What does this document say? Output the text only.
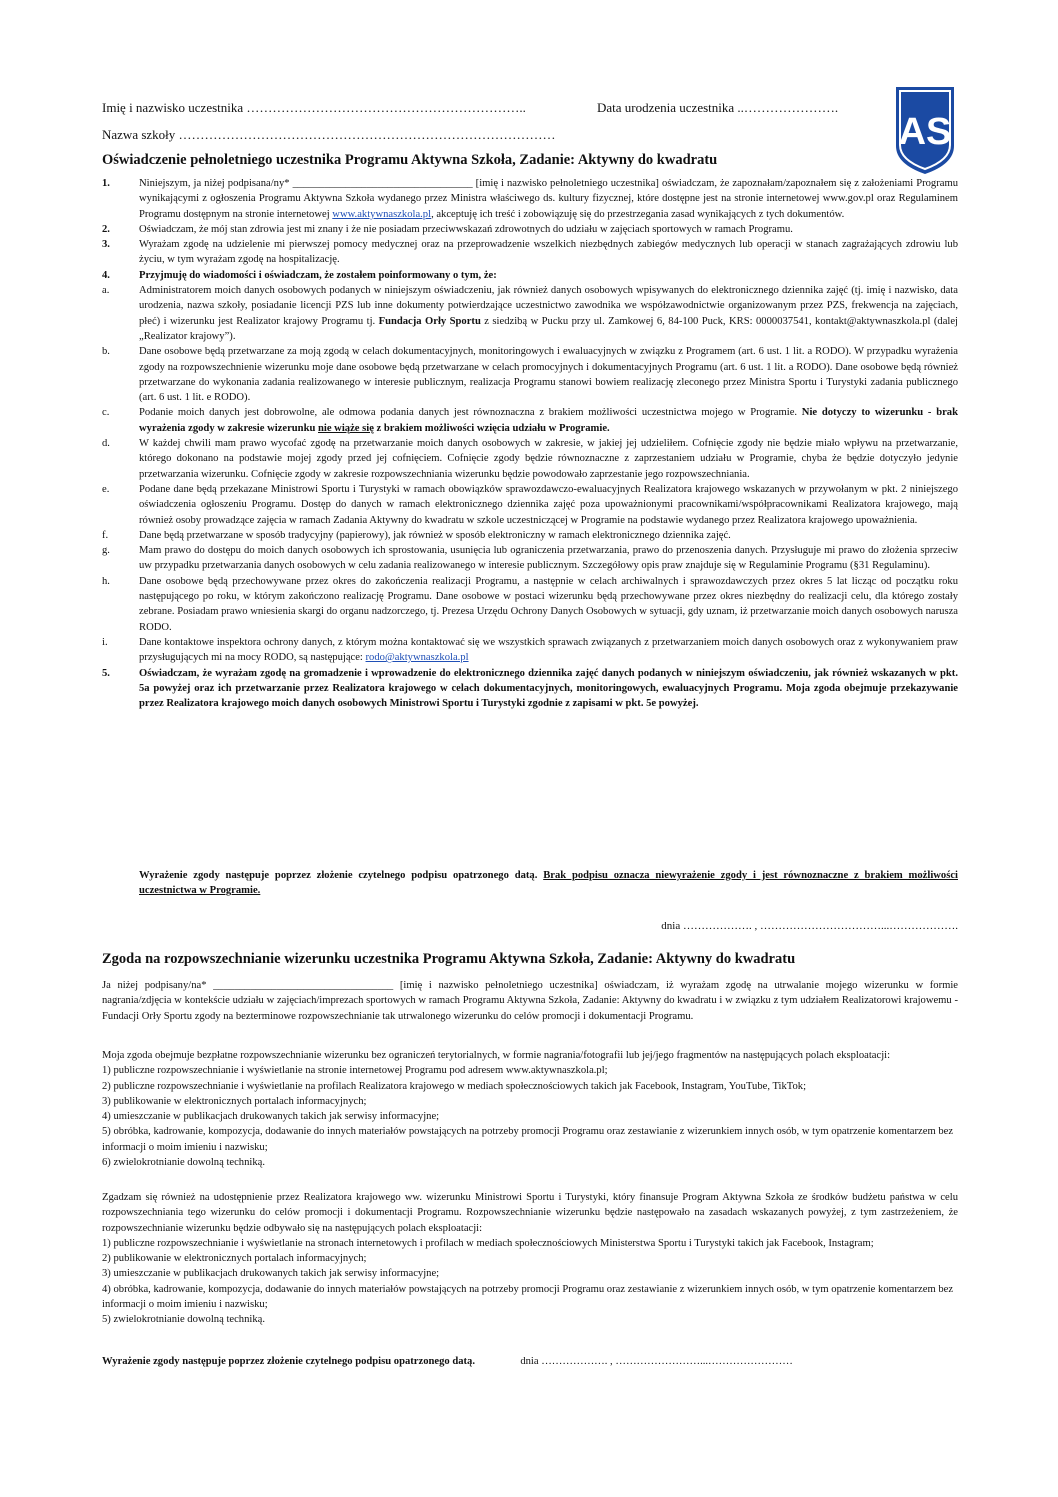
Imię i nazwisko uczestnika ………………………………………………………..	Data urodzenia uczestnika ..………………….
Nazwa szkoły ……………………………………………………………………………	AS
Oświadczenie pełnoletniego uczestnika Programu Aktywna Szkoła, Zadanie: Aktywny do kwadratu
1.	Niniejszym, ja niżej podpisana/ny* __________________________________ [imię i nazwisko pełnoletniego uczestnika] oświadczam, że zapoznałam/zapoznałem się z założeniami Programu wynikającymi z ogłoszenia Programu Aktywna Szkoła wydanego przez Ministra właściwego ds. kultury fizycznej, które dostępne jest na stronie internetowej www.gov.pl oraz Regulaminem Programu dostępnym na stronie internetowej www.aktywnaszkola.pl, akceptuję ich treść i zobowiązuję się do przestrzegania zasad wynikających z tych dokumentów.
2.	Oświadczam, że mój stan zdrowia jest mi znany i że nie posiadam przeciwwskazań zdrowotnych do udziału w zajęciach sportowych w ramach Programu.
3.	Wyrażam zgodę na udzielenie mi pierwszej pomocy medycznej oraz na przeprowadzenie wszelkich niezbędnych zabiegów medycznych lub operacji w stanach zagrażających zdrowiu lub życiu, w tym wyrażam zgodę na hospitalizację.
4.	Przyjmuję do wiadomości i oświadczam, że zostałem poinformowany o tym, że:
a.	Administratorem moich danych osobowych podanych w niniejszym oświadczeniu, jak również danych osobowych wpisywanych do elektronicznego dziennika zajęć (tj. imię i nazwisko, data urodzenia, nazwa szkoły, posiadanie licencji PZS lub inne dokumenty potwierdzające uczestnictwo zawodnika we współzawodnictwie organizowanym przez PZS, frekwencja na zajęciach, płeć) i wizerunku jest Realizator krajowy Programu tj. Fundacja Orły Sportu z siedzibą w Pucku przy ul. Zamkowej 6, 84-100 Puck, KRS: 0000037541, kontakt@aktywnaszkola.pl (dalej „Realizator krajowy”).
b.	Dane osobowe będą przetwarzane za moją zgodą w celach dokumentacyjnych, monitoringowych i ewaluacyjnych w związku z Programem (art. 6 ust. 1 lit. a RODO). W przypadku wyrażenia zgody na rozpowszechnienie wizerunku moje dane osobowe będą przetwarzane w celach promocyjnych i dokumentacyjnych Programu (art. 6 ust. 1 lit. a RODO). Dane osobowe będą również przetwarzane do wykonania zadania realizowanego w interesie publicznym, realizacja Programu stanowi bowiem realizację zleconego przez Ministra Sportu i Turystyki zadania publicznego (art. 6 ust. 1 lit. e RODO).
c.	Podanie moich danych jest dobrowolne, ale odmowa podania danych jest równoznaczna z brakiem możliwości uczestnictwa mojego w Programie. Nie dotyczy to wizerunku - brak wyrażenia zgody w zakresie wizerunku nie wiąże się z brakiem możliwości wzięcia udziału w Programie.
d.	W każdej chwili mam prawo wycofać zgodę na przetwarzanie moich danych osobowych w zakresie, w jakiej jej udzieliłem. Cofnięcie zgody nie będzie miało wpływu na przetwarzanie, którego dokonano na podstawie mojej zgody przed jej cofnięciem. Cofnięcie zgody będzie równoznaczne z zaprzestaniem udziału w Programie, chyba że będzie dotyczyło jedynie przetwarzania wizerunku. Cofnięcie zgody w zakresie rozpowszechniania wizerunku będzie powodowało zaprzestanie jego rozpowszechniania.
e.	Podane dane będą przekazane Ministrowi Sportu i Turystyki w ramach obowiązków sprawozdawczo-ewaluacyjnych Realizatora krajowego wskazanych w przywołanym w pkt. 2 niniejszego oświadczenia ogłoszeniu Programu. Dostęp do danych w ramach elektronicznego dziennika zajęć poza upoważnionymi pracownikami/współpracownikami Realizatora krajowego, mają również osoby prowadzące zajęcia w ramach Zadania Aktywny do kwadratu w szkole uczestniczącej w Programie na podstawie wydanego przez Realizatora krajowego upoważnienia.
f.	Dane będą przetwarzane w sposób tradycyjny (papierowy), jak również w sposób elektroniczny w ramach elektronicznego dziennika zajęć.
g.	Mam prawo do dostępu do moich danych osobowych ich sprostowania, usunięcia lub ograniczenia przetwarzania, prawo do przenoszenia danych. Przysługuje mi prawo do złożenia sprzeciw uw przypadku przetwarzania danych osobowych w celu zadania realizowanego w interesie publicznym. Szczegółowy opis praw znajduje się w Regulaminie Programu (§31 Regulaminu).
h.	Dane osobowe będą przechowywane przez okres do zakończenia realizacji Programu, a następnie w celach archiwalnych i sprawozdawczych przez okres 5 lat licząc od początku roku następującego po roku, w którym zakończono realizację Programu. Dane osobowe w postaci wizerunku będą przechowywane przez okres niezbędny do realizacji celu, dla którego zostały zebrane. Posiadam prawo wniesienia skargi do organu nadzorczego, tj. Prezesa Urzędu Ochrony Danych Osobowych w sytuacji, gdy uznam, iż przetwarzanie moich danych osobowych narusza RODO.
i.	Dane kontaktowe inspektora ochrony danych, z którym można kontaktować się we wszystkich sprawach związanych z przetwarzaniem moich danych osobowych oraz z wykonywaniem praw przysługujących mi na mocy RODO, są następujące: rodo@aktywnaszkola.pl
5.	Oświadczam, że wyrażam zgodę na gromadzenie i wprowadzenie do elektronicznego dziennika zajęć danych podanych w niniejszym oświadczeniu, jak również wskazanych w pkt. 5a powyżej oraz ich przetwarzanie przez Realizatora krajowego w celach dokumentacyjnych, monitoringowych, ewaluacyjnych Programu. Moja zgoda obejmuje przekazywanie przez Realizatora krajowego moich danych osobowych Ministrowi Sportu i Turystyki zgodnie z zapisami w pkt. 5e powyżej.
Wyrażenie zgody następuje poprzez złożenie czytelnego podpisu opatrzonego datą. Brak podpisu oznacza niewyrażenie zgody i jest równoznaczne z brakiem możliwości uczestnictwa w Programie.
dnia ………………. , ……………………………...……………….
Zgoda na rozpowszechnianie wizerunku uczestnika Programu Aktywna Szkoła, Zadanie: Aktywny do kwadratu

Ja niżej podpisany/na* __________________________________ [imię i nazwisko pełnoletniego uczestnika] oświadczam, iż wyrażam zgodę na utrwalanie mojego wizerunku w formie nagrania/zdjęcia w kontekście udziału w zajęciach/imprezach sportowych w ramach Programu Aktywna Szkoła, Zadanie: Aktywny do kwadratu i w związku z tym udziałem Realizatorowi krajowemu - Fundacji Orły Sportu zgody na bezterminowe rozpowszechnianie tak utrwalonego wizerunku do celów promocji i dokumentacji Programu.

Moja zgoda obejmuje bezpłatne rozpowszechnianie wizerunku bez ograniczeń terytorialnych, w formie nagrania/fotografii lub jej/jego fragmentów na następujących polach eksploatacji:

1) publiczne rozpowszechnianie i wyświetlanie na stronie internetowej Programu pod adresem www.aktywnaszkola.pl;

2) publiczne rozpowszechnianie i wyświetlanie na profilach Realizatora krajowego w mediach społecznościowych takich jak Facebook, Instagram, YouTube, TikTok;

3) publikowanie w elektronicznych portalach informacyjnych;

4) umieszczanie w publikacjach drukowanych takich jak serwisy informacyjne;

5) obróbka, kadrowanie, kompozycja, dodawanie do innych materiałów powstających na potrzeby promocji Programu oraz zestawianie z wizerunkiem innych osób, w tym opatrzenie komentarzem bez informacji o moim imieniu i nazwisku;

6) zwielokrotnianie dowolną techniką.

Zgadzam się również na udostępnienie przez Realizatora krajowego ww. wizerunku Ministrowi Sportu i Turystyki, który finansuje Program Aktywna Szkoła ze środków budżetu państwa w celu rozpowszechniania tego wizerunku do celów promocji i dokumentacji Programu. Rozpowszechnianie wizerunku będzie następowało na zasadach wskazanych powyżej, z tym zastrzeżeniem, że rozpowszechnianie wizerunku będzie odbywało się na następujących polach eksploatacji:

1) publiczne rozpowszechnianie i wyświetlanie na stronach internetowych i profilach w mediach społecznościowych Ministerstwa Sportu i Turystyki takich jak Facebook, Instagram;

2) publikowanie w elektronicznych portalach informacyjnych;

3) umieszczanie w publikacjach drukowanych takich jak serwisy informacyjne;

4) obróbka, kadrowanie, kompozycja, dodawanie do innych materiałów powstających na potrzeby promocji Programu oraz zestawianie z wizerunkiem innych osób, w tym opatrzenie komentarzem bez informacji o moim imieniu i nazwisku;

5) zwielokrotnianie dowolną techniką.

Wyrażenie zgody następuje poprzez złożenie czytelnego podpisu opatrzonego datą.	dnia ………………. , ……………………...……………………
